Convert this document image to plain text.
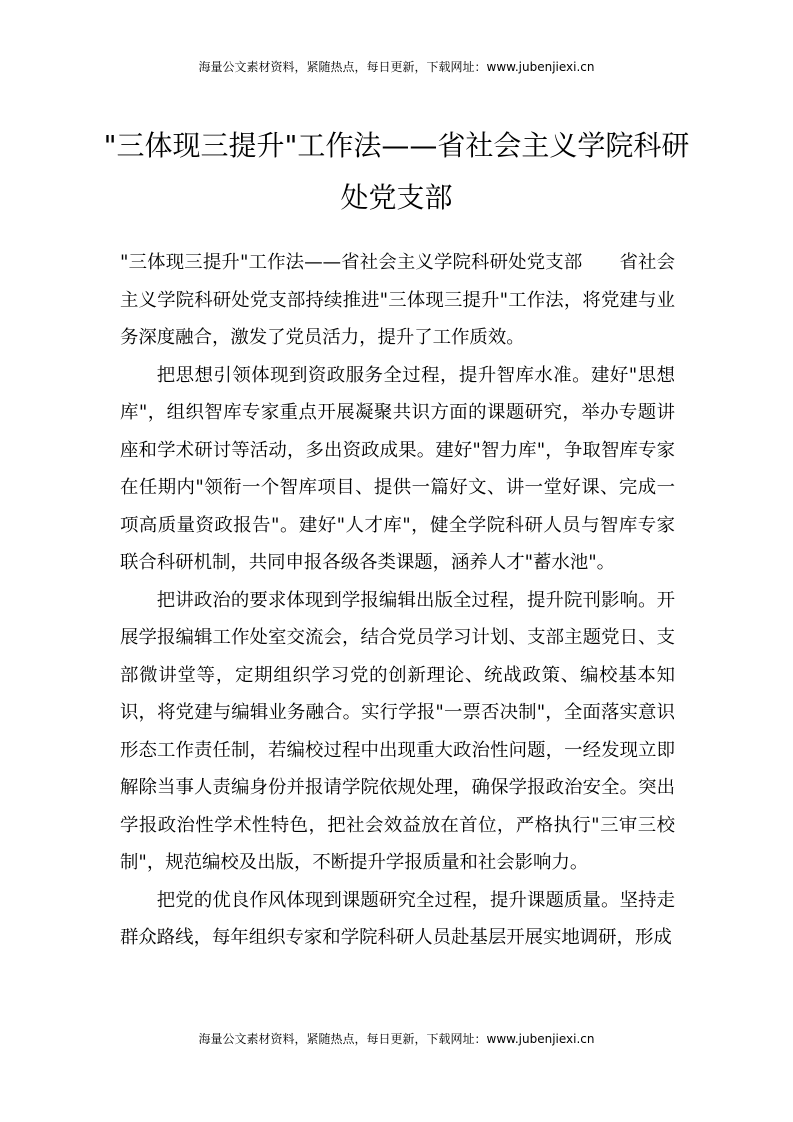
海量公文素材资料，紧随热点，每日更新，下载网址：www.jubenjiexi.cn
"三体现三提升"工作法——省社会主义学院科研处党支部

"三体现三提升"工作法——省社会主义学院科研处党支部　　省社会主义学院科研处党支部持续推进"三体现三提升"工作法，将党建与业务深度融合，激发了党员活力，提升了工作质效。

把思想引领体现到资政服务全过程，提升智库水准。建好"思想库"，组织智库专家重点开展凝聚共识方面的课题研究，举办专题讲座和学术研讨等活动，多出资政成果。建好"智力库"，争取智库专家在任期内"领衔一个智库项目、提供一篇好文、讲一堂好课、完成一项高质量资政报告"。建好"人才库"，健全学院科研人员与智库专家联合科研机制，共同申报各级各类课题，涵养人才"蓄水池"。

把讲政治的要求体现到学报编辑出版全过程，提升院刊影响。开展学报编辑工作处室交流会，结合党员学习计划、支部主题党日、支部微讲堂等，定期组织学习党的创新理论、统战政策、编校基本知识，将党建与编辑业务融合。实行学报"一票否决制"，全面落实意识形态工作责任制，若编校过程中出现重大政治性问题，一经发现立即解除当事人责编身份并报请学院依规处理，确保学报政治安全。突出学报政治性学术性特色，把社会效益放在首位，严格执行"三审三校制"，规范编校及出版，不断提升学报质量和社会影响力。

把党的优良作风体现到课题研究全过程，提升课题质量。坚持走群众路线，每年组织专家和学院科研人员赴基层开展实地调研，形成

海量公文素材资料，紧随热点，每日更新，下载网址：www.jubenjiexi.cn
